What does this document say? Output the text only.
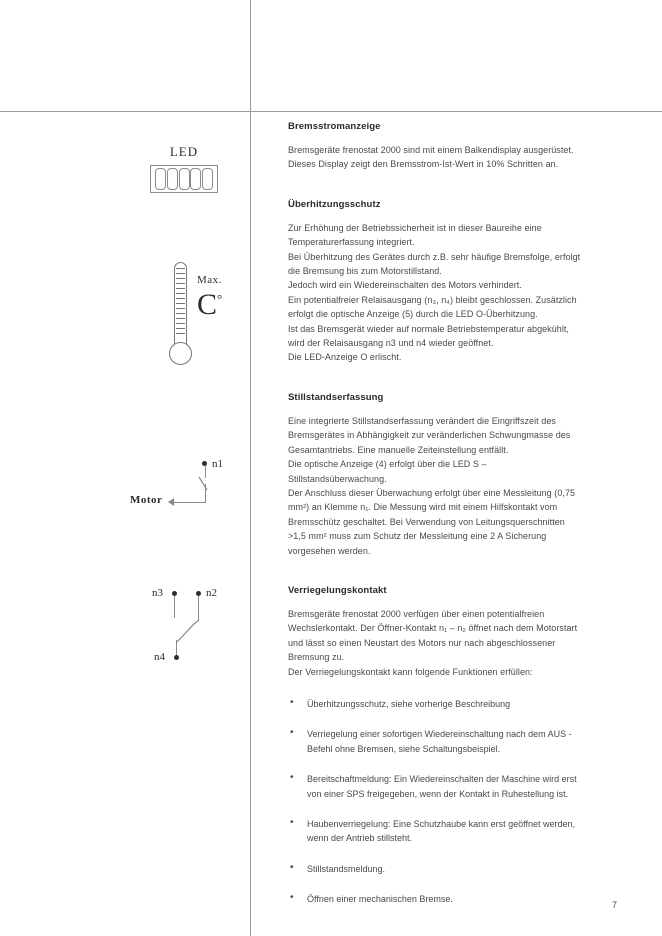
LED
Max.
C°
Motor
n1
n3	n2
n4
Bremsstromanzeige

Bremsgeräte frenostat 2000 sind mit einem Balkendisplay ausgerüstet. Dieses Display zeigt den Bremsstrom-Ist-Wert in 10% Schritten an.

Überhitzungsschutz

Zur Erhöhung der Betriebssicherheit ist in dieser Baureihe eine Temperaturerfassung integriert.
Bei Überhitzung des Gerätes durch z.B. sehr häufige Bremsfolge, erfolgt die Bremsung bis zum Motorstillstand.
Jedoch wird ein Wiedereinschalten des Motors verhindert.
Ein potentialfreier Relaisausgang (n₃, n₄) bleibt geschlossen. Zusätzlich erfolgt die optische Anzeige (5) durch die LED O-Überhitzung.
Ist das Bremsgerät wieder auf normale Betriebstemperatur abgekühlt, wird der Relaisausgang n3 und n4 wieder geöffnet.
Die LED-Anzeige O erlischt.

Stillstandserfassung

Eine integrierte Stillstandserfassung verändert die Eingriffszeit des Bremsgerätes in Abhängigkeit zur veränderlichen Schwungmasse des Gesamtantriebs. Eine manuelle Zeiteinstellung entfällt.
Die optische Anzeige (4) erfolgt über die LED S – Stillstandsüberwachung.
Der Anschluss dieser Überwachung erfolgt über eine Messleitung (0,75 mm²) an Klemme n₁. Die Messung wird mit einem Hilfskontakt vom Bremsschütz geschaltet. Bei Verwendung von Leitungsquerschnitten >1,5 mm² muss zum Schutz der Messleitung eine 2 A Sicherung vorgesehen werden.

Verriegelungskontakt

Bremsgeräte frenostat 2000 verfügen über einen potentialfreien Wechslerkontakt. Der Öffner-Kontakt n₁ – n₂ öffnet nach dem Motorstart und lässt so einen Neustart des Motors nur nach abgeschlossener Bremsung zu.
Der Verriegelungskontakt kann folgende Funktionen erfüllen:

• Überhitzungsschutz, siehe vorherige Beschreibung
• Verriegelung einer sofortigen Wiedereinschaltung nach dem AUS - Befehl ohne Bremsen, siehe Schaltungsbeispiel.
• Bereitschaftmeldung: Ein Wiedereinschalten der Maschine wird erst von einer SPS freigegeben, wenn der Kontakt in Ruhestellung ist.
• Haubenverriegelung: Eine Schutzhaube kann erst geöffnet werden, wenn der Antrieb stillsteht.
• Stillstandsmeldung.
• Öffnen einer mechanischen Bremse.
7
